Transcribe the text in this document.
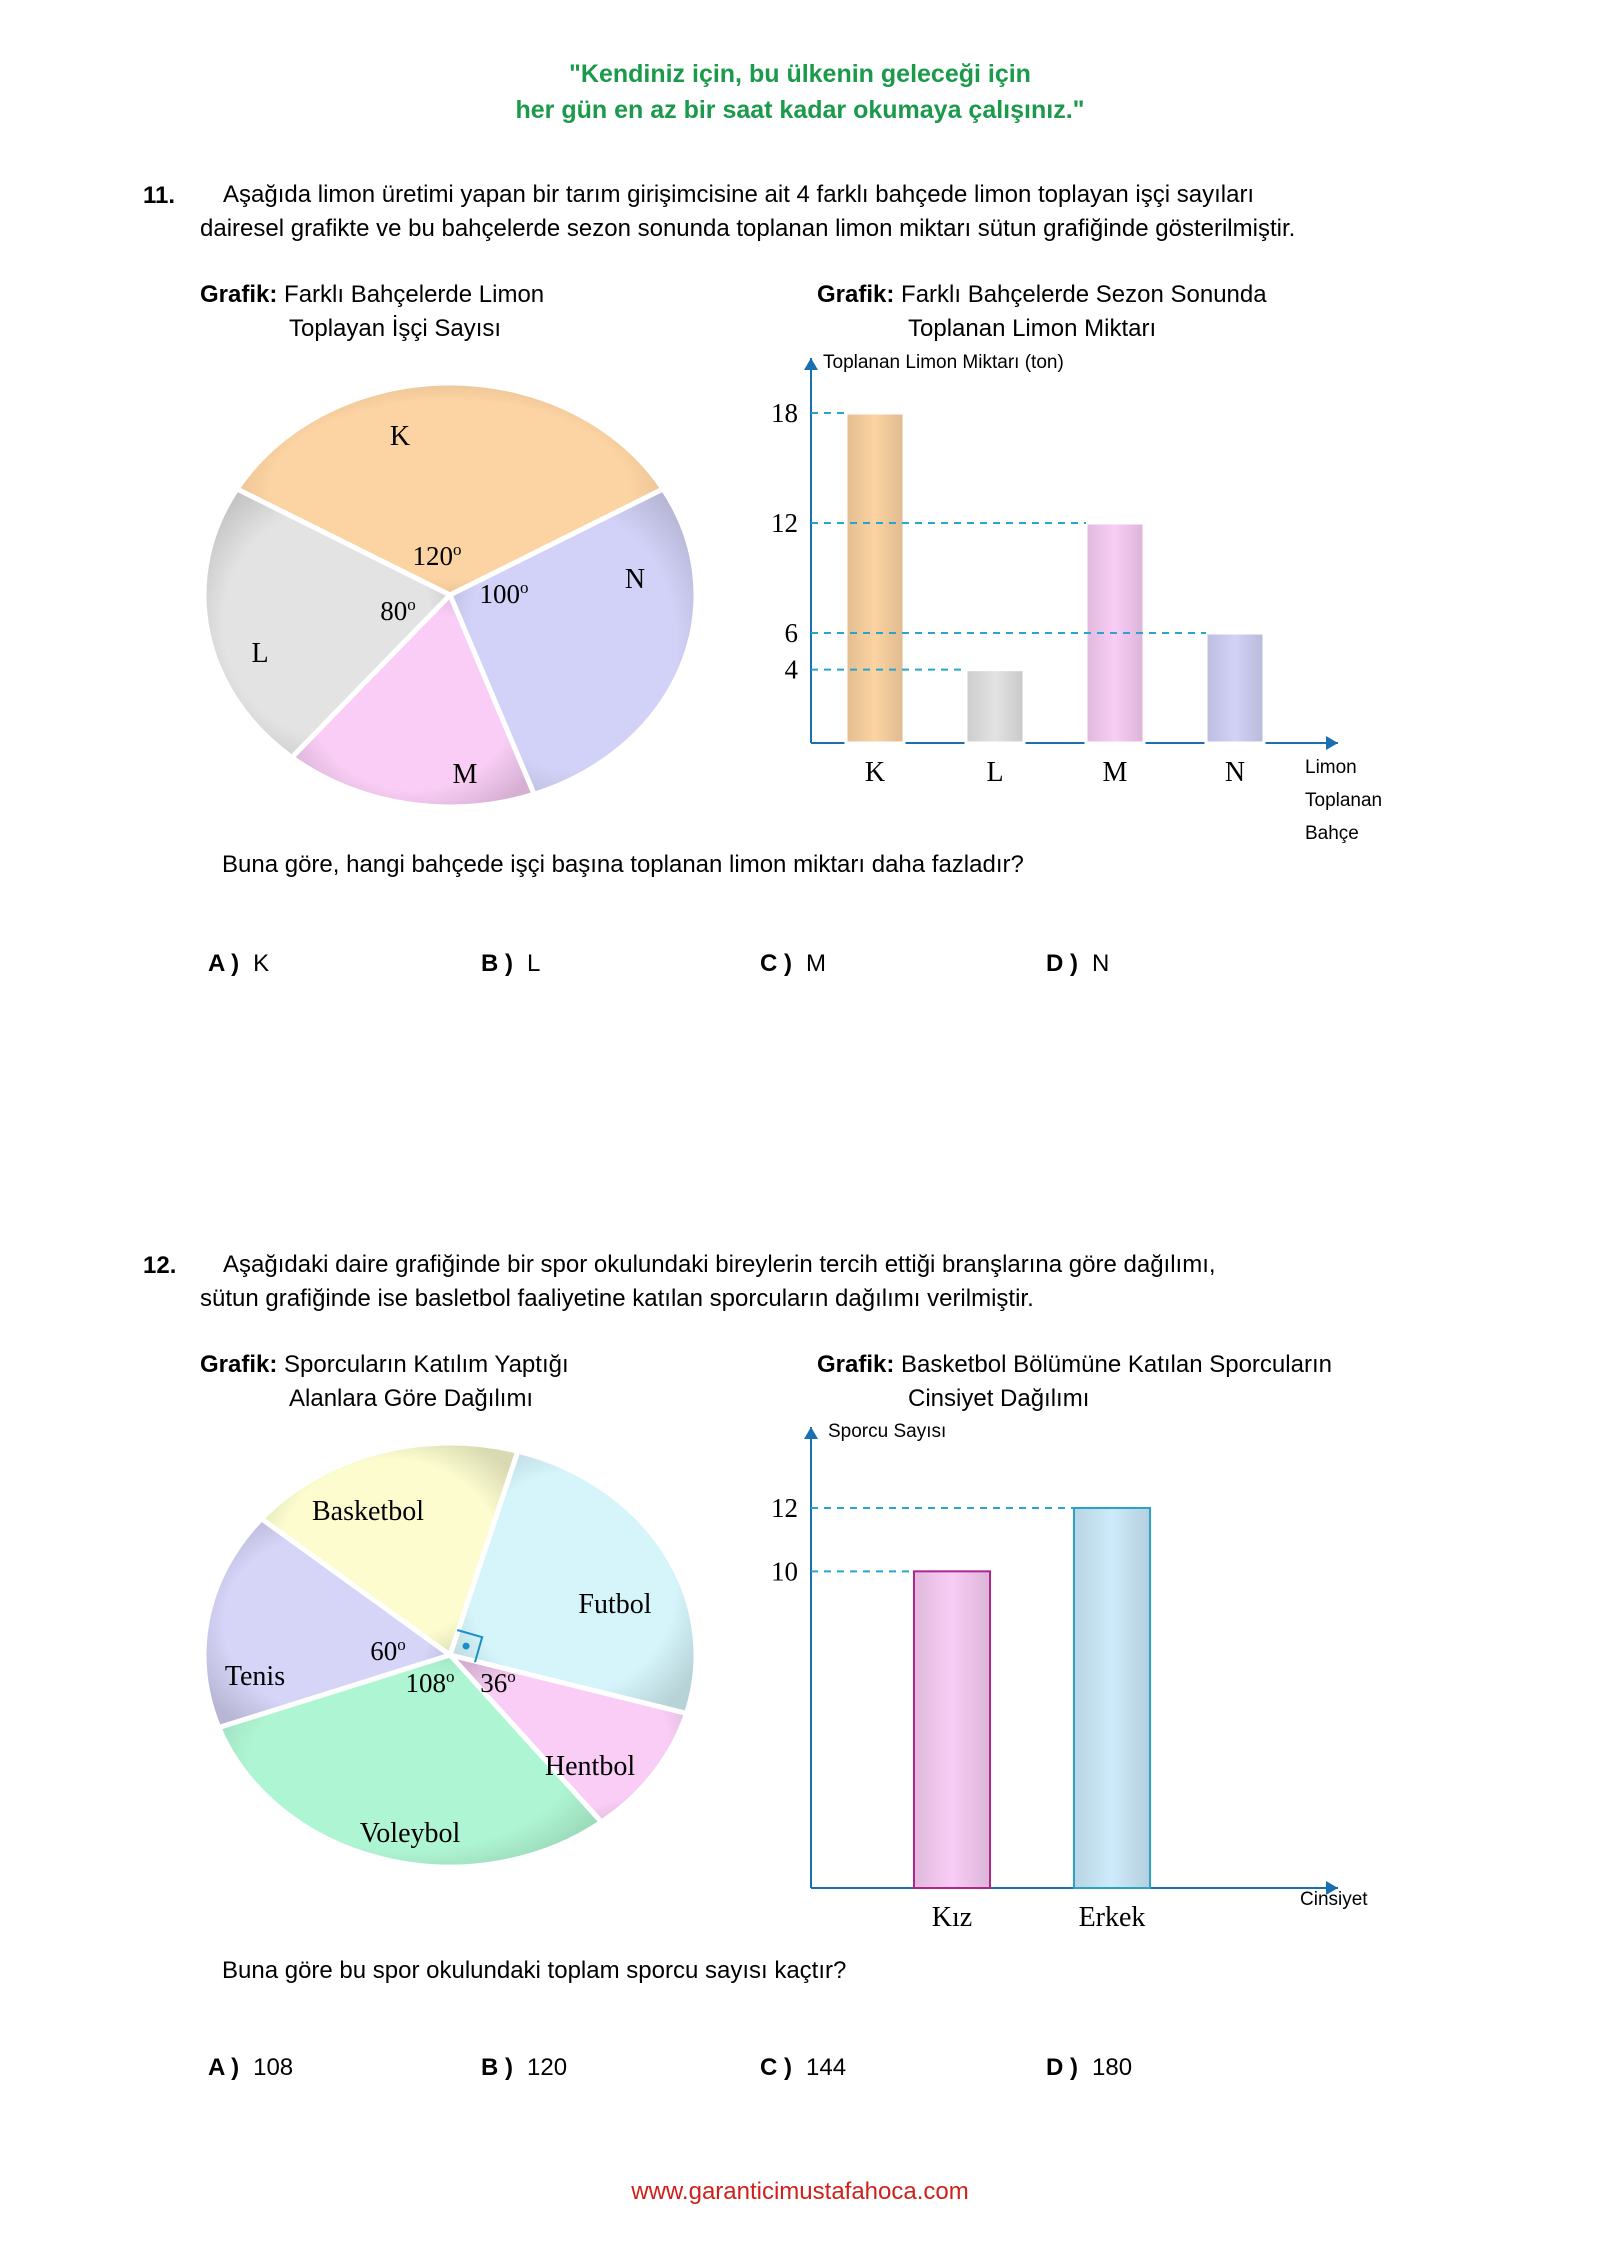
"Kendiniz için, bu ülkenin geleceği için
her gün en az bir saat kadar okumaya çalışınız."
11. Aşağıda limon üretimi yapan bir tarım girişimcisine ait 4 farklı bahçede limon toplayan işçi sayıları
dairesel grafikte ve bu bahçelerde sezon sonunda toplanan limon miktarı sütun grafiğinde gösterilmiştir.
Grafik: Farklı Bahçelerde Limon
Toplayan İşçi Sayısı
Grafik: Farklı Bahçelerde Sezon Sonunda
Toplanan Limon Miktarı
K
120$^o$
N
100$^o$
M
L
80$^o$
Toplanan Limon Miktarı (ton)
K	L	M	N
4
6
12
18
Limon
Toplanan
Bahçe
Buna göre, hangi bahçede işçi başına toplanan limon miktarı daha fazladır?
A ) K	B ) L	C ) M	D ) N
12. Aşağıdaki daire grafiğinde bir spor okulundaki bireylerin tercih ettiği branşlarına göre dağılımı,
sütun grafiğinde ise basletbol faaliyetine katılan sporcuların dağılımı verilmiştir.
Grafik: Sporcuların Katılım Yaptığı
Alanlara Göre Dağılımı
Grafik: Basketbol Bölümüne Katılan Sporcuların
Cinsiyet Dağılımı
Futbol
Hentbol
36$^o$
Voleybol
108$^o$
Tenis
60$^o$
Basketbol
Sporcu Sayısı
Kız	Erkek
10
12
Cinsiyet
Buna göre bu spor okulundaki toplam sporcu sayısı kaçtır?
A ) 108	B ) 120	C ) 144	D ) 180
www.garanticimustafahoca.com
